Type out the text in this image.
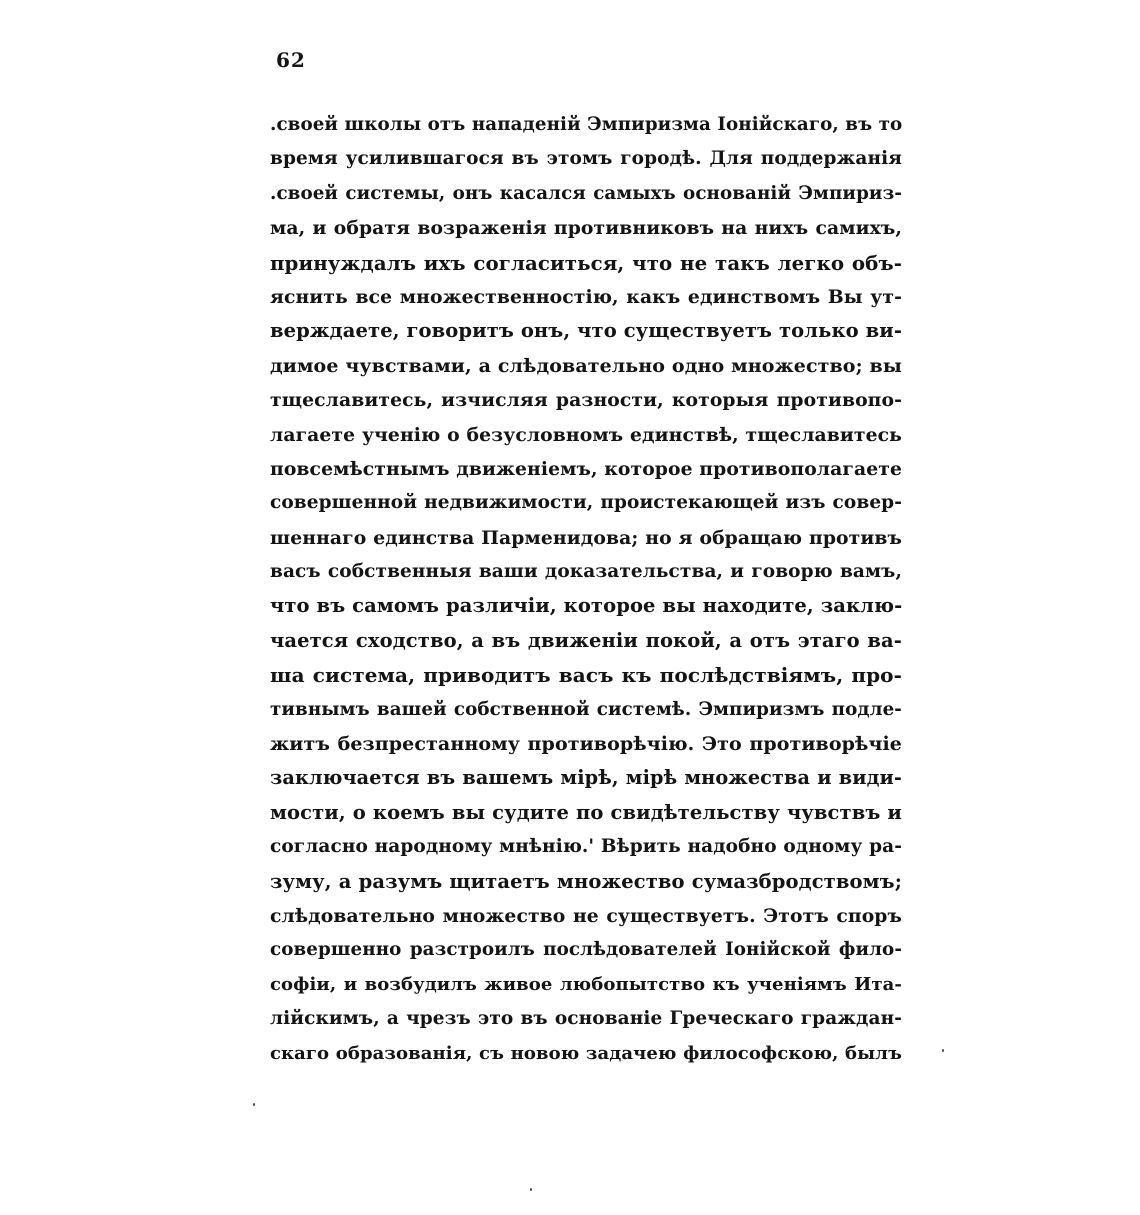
62
.своей школы отъ нападеній Эмпиризма Іонійскаго, въ то
время усилившагося въ этомъ городѣ. Для поддержанія
.своей системы, онъ касался самыхъ основаній Эмпириз-
ма, и обратя возраженія противниковъ на нихъ самихъ,
принуждалъ ихъ согласиться, что не такъ легко объ-
яснить все множественностію, какъ единствомъ Вы ут-
верждаете, говоритъ онъ, что существуетъ только ви-
димое чувствами, а слѣдовательно одно множество; вы
тщеславитесь, изчисляя разности, которыя противопо-
лагаете ученію о безусловномъ единствѣ, тщеславитесь
повсемѣстнымъ движеніемъ, которое противополагаете
совершенной недвижимости, проистекающей изъ совер-
шеннаго единства Парменидова; но я обращаю противъ
васъ собственныя ваши доказательства, и говорю вамъ,
что въ самомъ различіи, которое вы находите, заклю-
чается сходство, а въ движеніи покой, а отъ этаго ва-
ша система, приводитъ васъ къ послѣдствіямъ, про-
тивнымъ вашей собственной системѣ. Эмпиризмъ подле-
житъ безпрестанному противорѣчію. Это противорѣчіе
заключается въ вашемъ мірѣ, мірѣ множества и види-
мости, о коемъ вы судите по свидѣтельству чувствъ и
согласно народному мнѣнію.' Вѣрить надобно одному ра-
зуму, а разумъ щитаетъ множество сумазбродствомъ;
слѣдовательно множество не существуетъ. Этотъ споръ
совершенно разстроилъ послѣдователей Іонійской фило-
софіи, и возбудилъ живое любопытство къ ученіямъ Ита-
лійскимъ, а чрезъ это въ основаніе Греческаго граждан-
скаго образованія, съ новою задачею философскою, былъ
